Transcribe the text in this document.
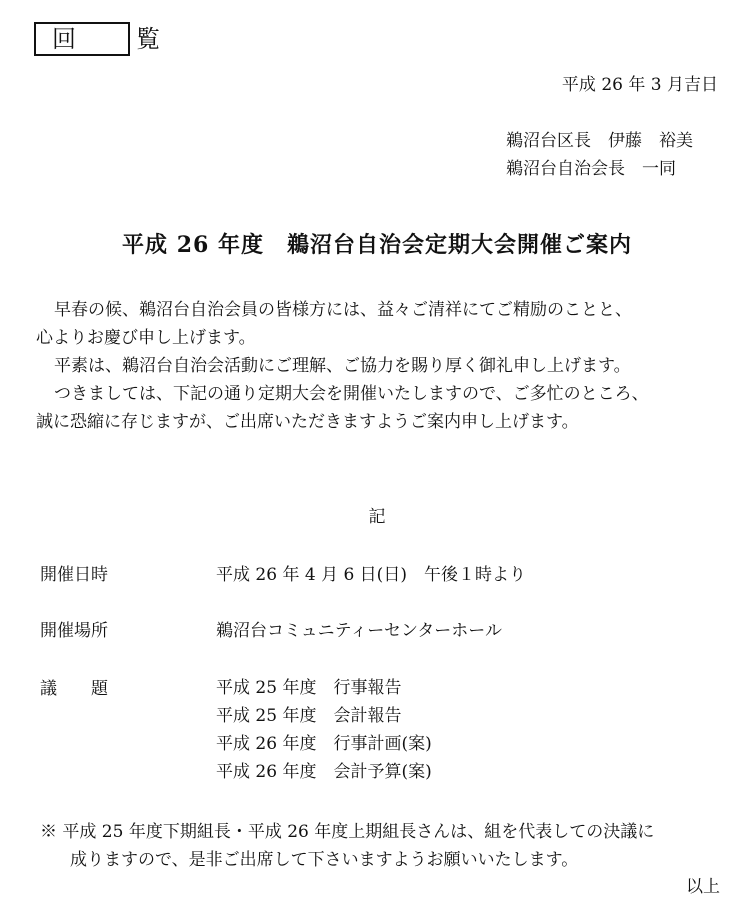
回　覧
平成 26 年 3 月吉日
鵜沼台区長　伊藤　裕美
鵜沼台自治会長　一同
平成 26 年度　鵜沼台自治会定期大会開催ご案内
早春の候、鵜沼台自治会員の皆様方には、益々ご清祥にてご精励のことと、
心よりお慶び申し上げます。
平素は、鵜沼台自治会活動にご理解、ご協力を賜り厚く御礼申し上げます。
つきましては、下記の通り定期大会を開催いたしますので、ご多忙のところ、
誠に恐縮に存じますが、ご出席いただきますようご案内申し上げます。
記
開催日時	平成 26 年 4 月 6 日(日)　午後１時より
開催場所	鵜沼台コミュニティーセンターホール
議　　題	平成 25 年度　行事報告
平成 25 年度　会計報告
平成 26 年度　行事計画(案)
平成 26 年度　会計予算(案)
※ 平成 25 年度下期組長・平成 26 年度上期組長さんは、組を代表しての決議に
成りますので、是非ご出席して下さいますようお願いいたします。
以上
